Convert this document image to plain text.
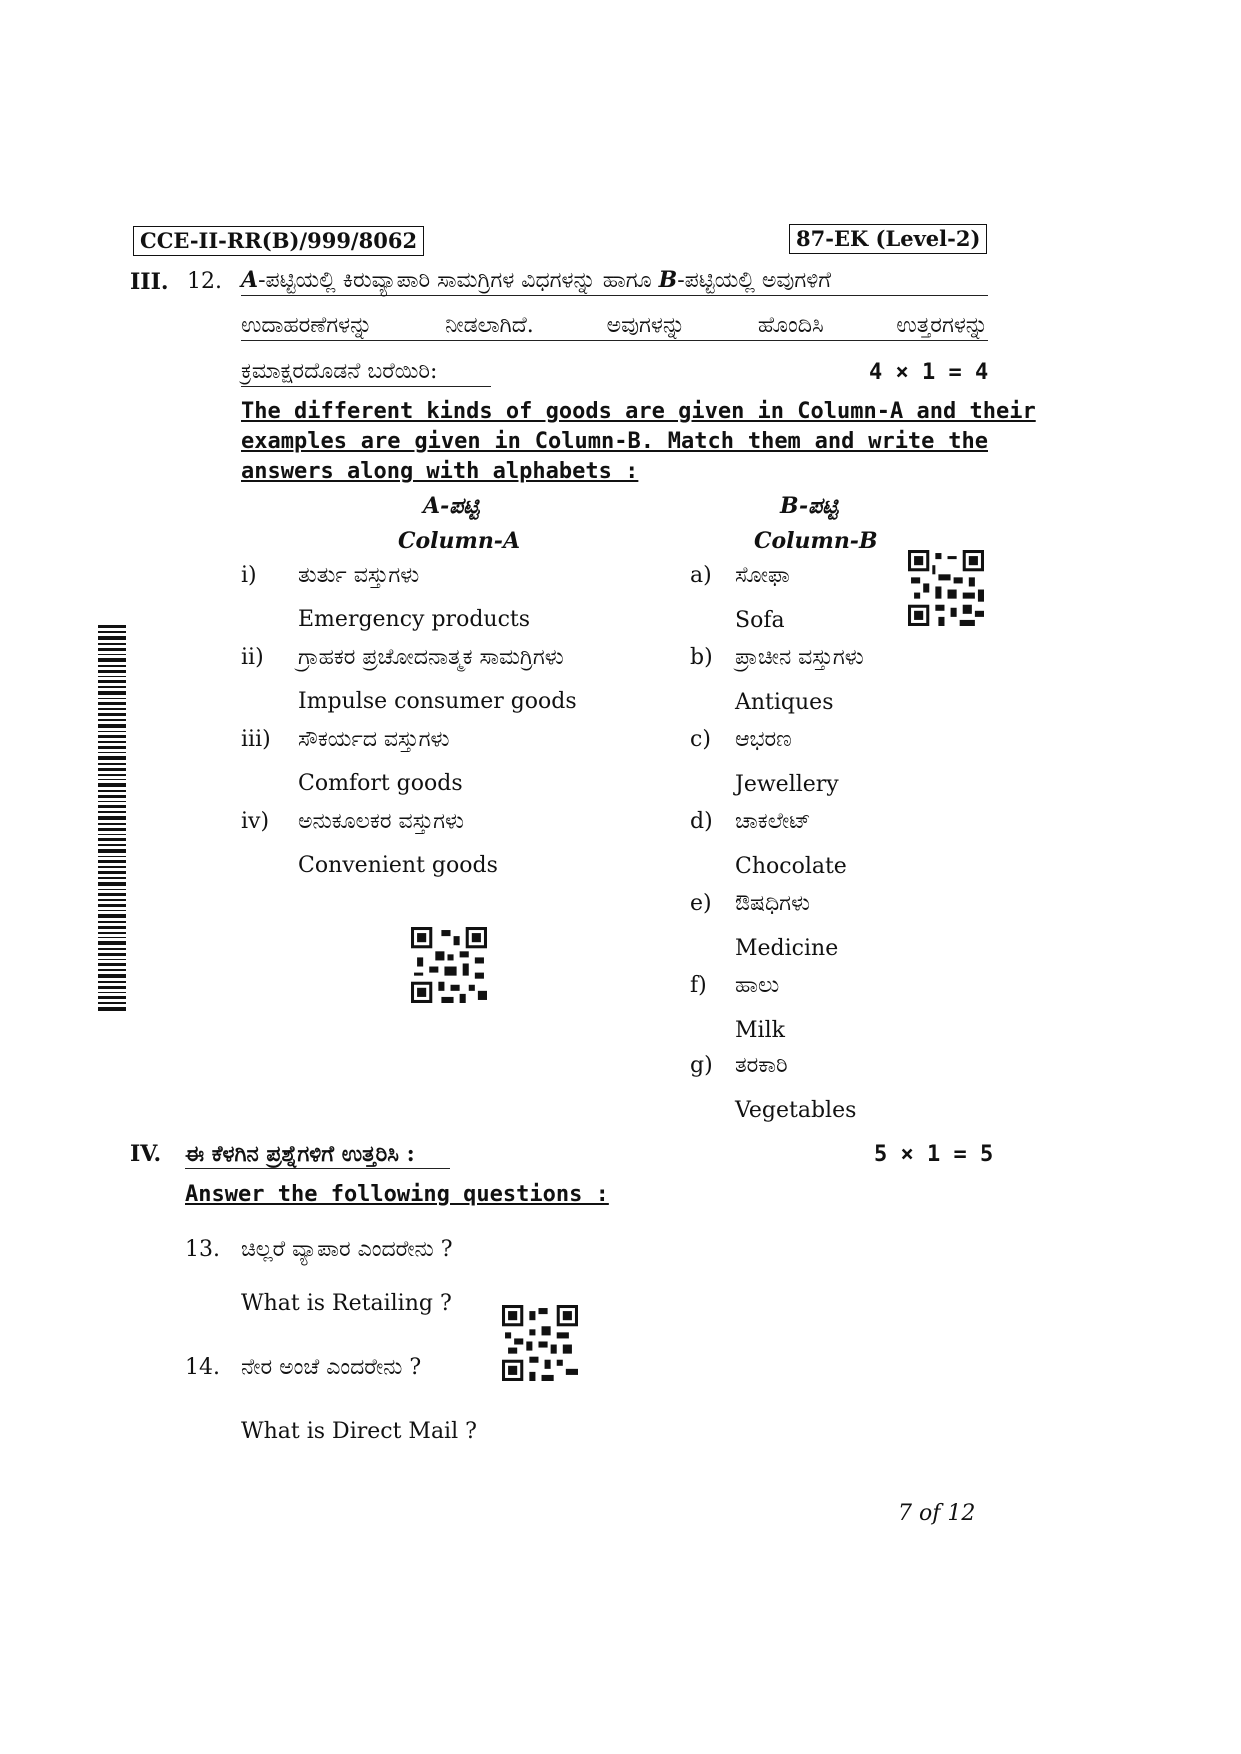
CCE-II-RR(B)/999/8062	87-EK (Level-2)
III. 12. A-ಪಟ್ಟಿಯಲ್ಲಿ ಕಿರುವ್ಯಾಪಾರಿ ಸಾಮಗ್ರಿಗಳ ವಿಧಗಳನ್ನು ಹಾಗೂ B-ಪಟ್ಟಿಯಲ್ಲಿ ಅವುಗಳಿಗೆ
ಉದಾಹರಣೆಗಳನ್ನು ನೀಡಲಾಗಿದೆ. ಅವುಗಳನ್ನು ಹೊಂದಿಸಿ ಉತ್ತರಗಳನ್ನು
ಕ್ರಮಾಕ್ಷರದೊಡನೆ ಬರೆಯಿರಿ:	4 × 1 = 4
The different kinds of goods are given in Column-A and their
examples are given in Column-B. Match them and write the
answers along with alphabets :
A-ಪಟ್ಟಿ
Column-A
B-ಪಟ್ಟಿ
Column-B
i) ತುರ್ತು ವಸ್ತುಗಳು
Emergency products
ii) ಗ್ರಾಹಕರ ಪ್ರಚೋದನಾತ್ಮಕ ಸಾಮಗ್ರಿಗಳು
Impulse consumer goods
iii) ಸೌಕರ್ಯದ ವಸ್ತುಗಳು
Comfort goods
iv) ಅನುಕೂಲಕರ ವಸ್ತುಗಳು
Convenient goods
a) ಸೋಫಾ
Sofa
b) ಪ್ರಾಚೀನ ವಸ್ತುಗಳು
Antiques
c) ಆಭರಣ
Jewellery
d) ಚಾಕಲೇಟ್
Chocolate
e) ಔಷಧಿಗಳು
Medicine
f) ಹಾಲು
Milk
g) ತರಕಾರಿ
Vegetables
IV. ಈ ಕೆಳಗಿನ ಪ್ರಶ್ನೆಗಳಿಗೆ ಉತ್ತರಿಸಿ :	5 × 1 = 5
Answer the following questions :
13. ಚಿಲ್ಲರೆ ವ್ಯಾಪಾರ ಎಂದರೇನು ?
What is Retailing ?
14. ನೇರ ಅಂಚೆ ಎಂದರೇನು ?
What is Direct Mail ?
7 of 12
